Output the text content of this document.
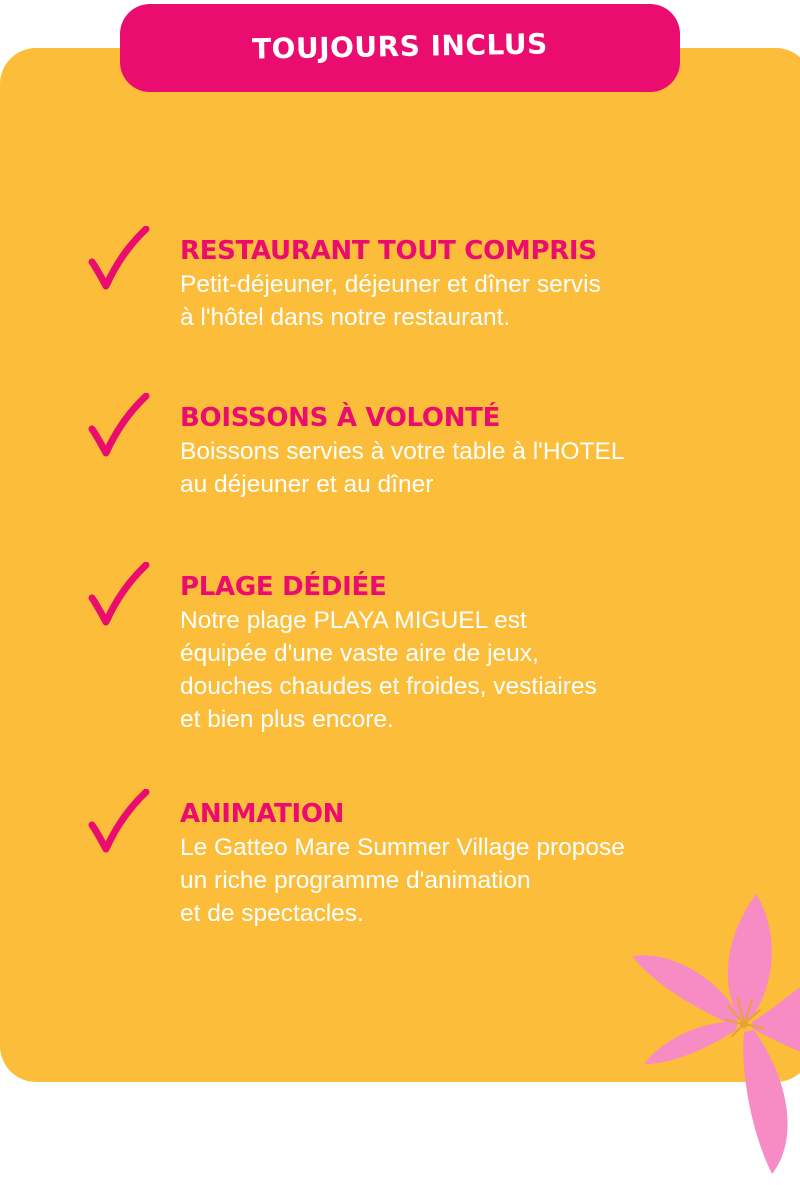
TOUJOURS INCLUS

RESTAURANT TOUT COMPRIS

Petit-déjeuner, déjeuner et dîner servis
à l'hôtel dans notre restaurant.

BOISSONS À VOLONTÉ

Boissons servies à votre table à l'HOTEL
au déjeuner et au dîner

PLAGE DÉDIÉE

Notre plage PLAYA MIGUEL est
équipée d'une vaste aire de jeux,
douches chaudes et froides, vestiaires
et bien plus encore.

ANIMATION

Le Gatteo Mare Summer Village propose
un riche programme d'animation
et de spectacles.
